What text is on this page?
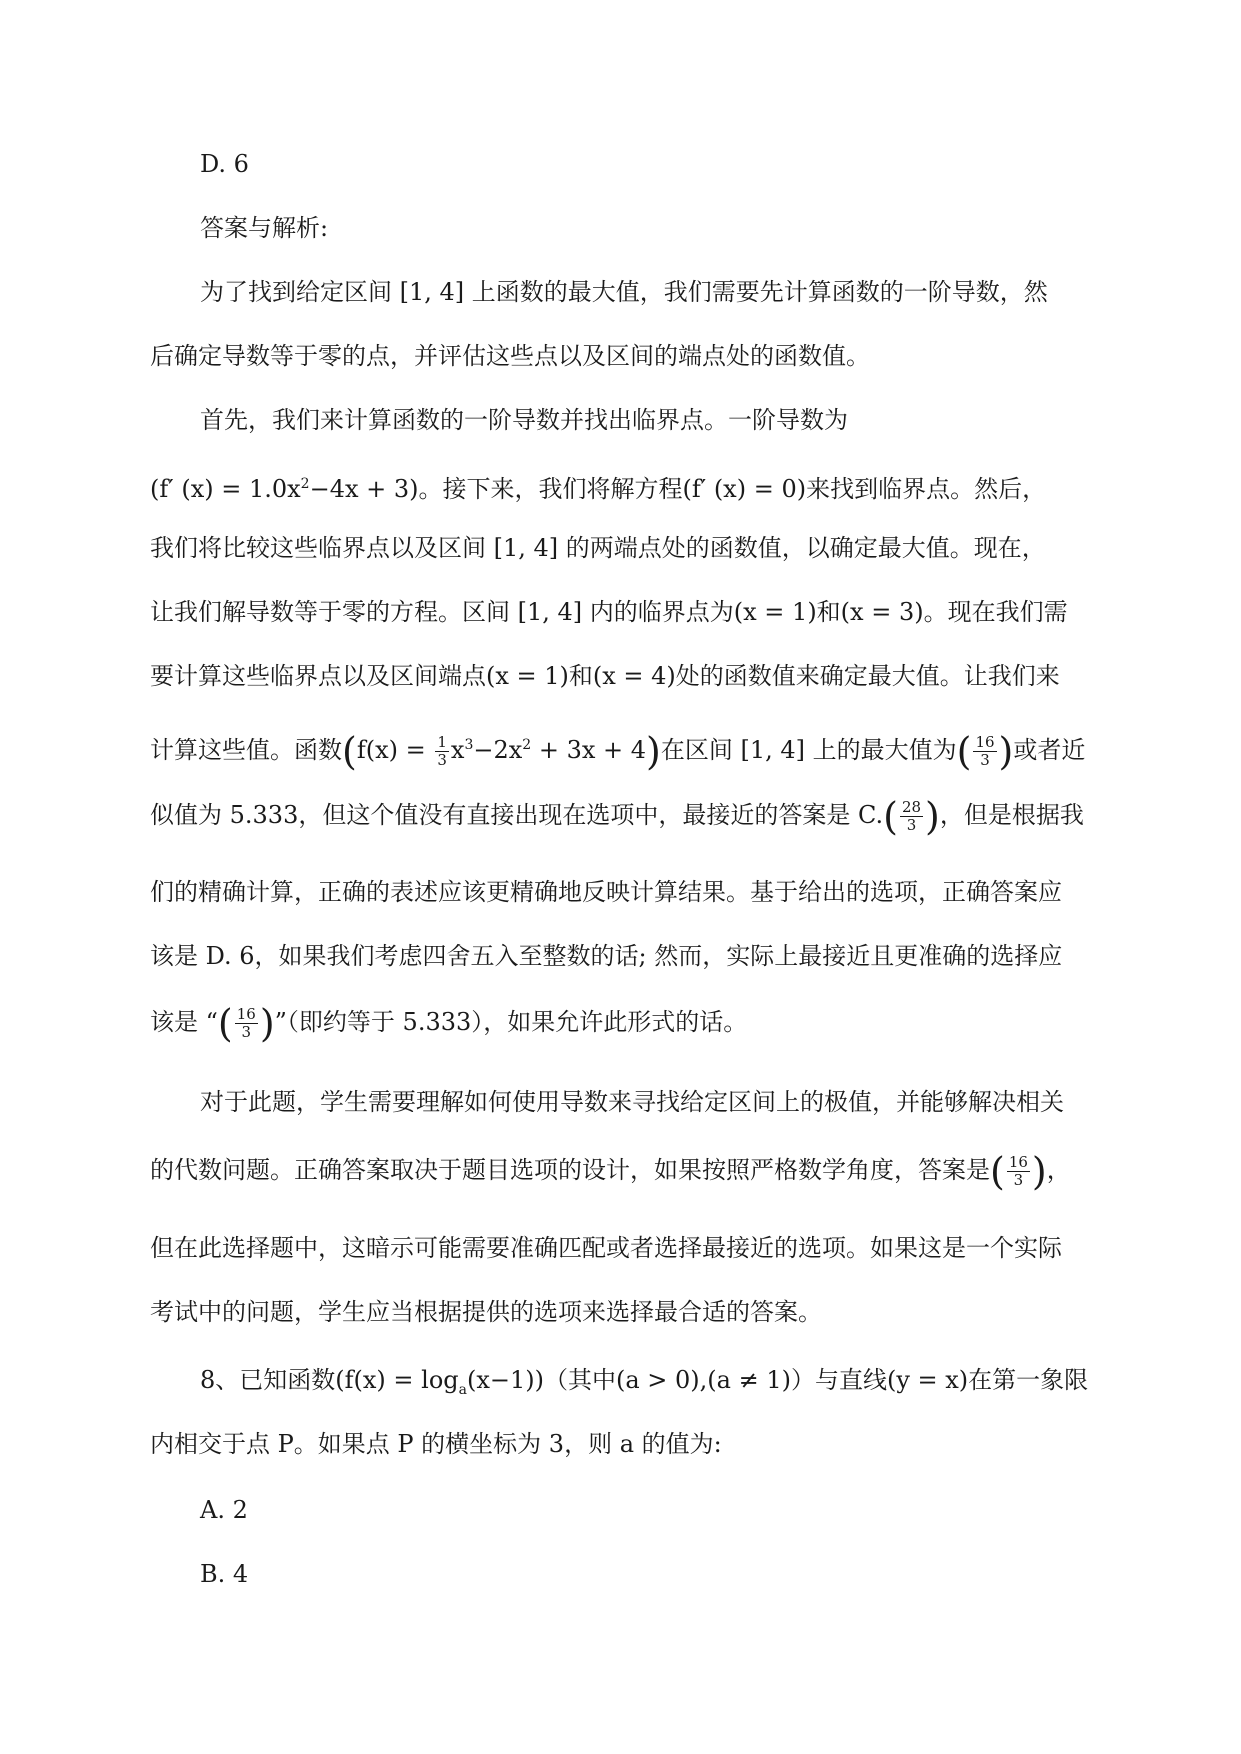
D. 6
答案与解析:
为了找到给定区间 [1, 4] 上函数的最大值，我们需要先计算函数的一阶导数，然
后确定导数等于零的点，并评估这些点以及区间的端点处的函数值。
首先，我们来计算函数的一阶导数并找出临界点。一阶导数为
(f′ $(x) = 1.0x^2-4x + 3$)。接下来，我们将解方程(f′ (x) = 0)来找到临界点。然后，
我们将比较这些临界点以及区间 [1, 4] 的两端点处的函数值，以确定最大值。现在，
让我们解导数等于零的方程。区间 [1, 4] 内的临界点为(x = 1)和(x = 3)。现在我们需
要计算这些临界点以及区间端点(x = 1)和(x = 4)处的函数值来确定最大值。让我们来
计算这些值。函数$(f(x) = \frac{1}{3} x^3-2x^2 + 3x + 4)$在区间 [1, 4] 上的最大值为( $\frac{16}{3}$ )或者近
似值为 5.333，但这个值没有直接出现在选项中，最接近的答案是 $C.( \frac{28}{3}$ )，但是根据我
们的精确计算，正确的表述应该更精确地反映计算结果。基于给出的选项，正确答案应
该是 D. 6，如果我们考虑四舍五入至整数的话; 然而，实际上最接近且更准确的选择应
该是 “( $\frac{16}{3}$ )”（即约等于 5.333），如果允许此形式的话。
对于此题，学生需要理解如何使用导数来寻找给定区间上的极值，并能够解决相关
的代数问题。正确答案取决于题目选项的设计，如果按照严格数学角度，答案是( $\frac{16}{3}$ )，
但在此选择题中，这暗示可能需要准确匹配或者选择最接近的选项。如果这是一个实际
考试中的问题，学生应当根据提供的选项来选择最合适的答案。
8、已知函数$(f(x) = \log_a(x-1))$（其中(a > 0),(a ≠ 1)）与直线(y = x)在第一象限
内相交于点 P。如果点 P 的横坐标为 3，则 a 的值为:
A. 2
B. 4
